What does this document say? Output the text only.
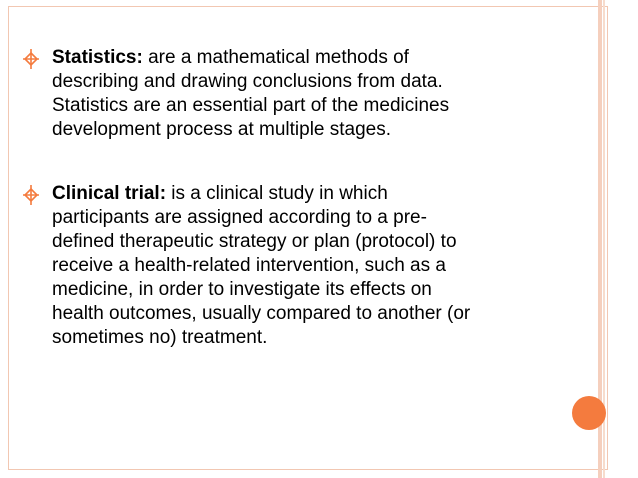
Statistics: are a mathematical methods of
describing and drawing conclusions from data.
Statistics are an essential part of the medicines
development process at multiple stages.
Clinical trial: is a clinical study in which
participants are assigned according to a pre-
defined therapeutic strategy or plan (protocol) to
receive a health-related intervention, such as a
medicine, in order to investigate its effects on
health outcomes, usually compared to another (or
sometimes no) treatment.
